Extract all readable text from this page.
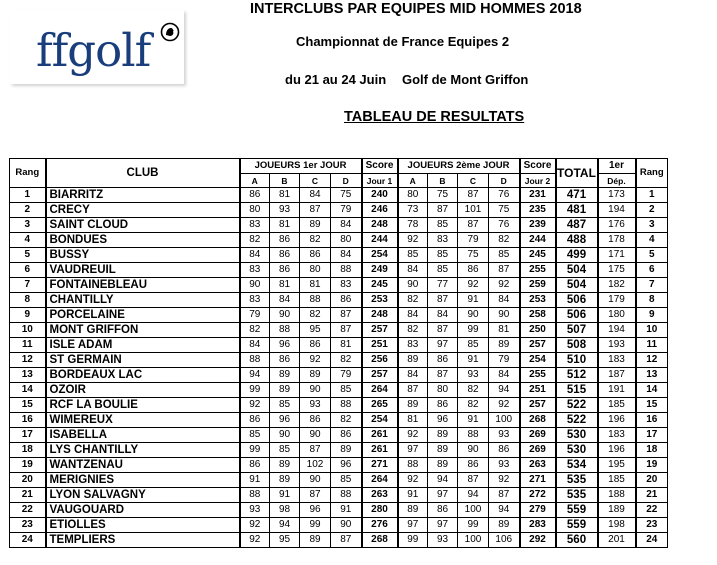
ffgolf
INTERCLUBS PAR EQUIPES MID HOMMES 2018
Championnat de France Equipes 2
du 21 au 24 Juin Golf de Mont Griffon
TABLEAU DE RESULTATS
Rang	CLUB	JOUEURS 1er JOUR				Score	JOUEURS 2ème JOUR				Score	TOTAL	1er	Rang
		A	B	C	D	Jour 1	A	B	C	D	Jour 2		Dép.	
1	BIARRITZ	86	81	84	75	240	80	75	87	76	231	471	173	1
2	CRECY	80	93	87	79	246	73	87	101	75	235	481	194	2
3	SAINT CLOUD	83	81	89	84	248	78	85	87	76	239	487	176	3
4	BONDUES	82	86	82	80	244	92	83	79	82	244	488	178	4
5	BUSSY	84	86	86	84	254	85	85	75	85	245	499	171	5
6	VAUDREUIL	83	86	80	88	249	84	85	86	87	255	504	175	6
7	FONTAINEBLEAU	90	81	81	83	245	90	77	92	92	259	504	182	7
8	CHANTILLY	83	84	88	86	253	82	87	91	84	253	506	179	8
9	PORCELAINE	79	90	82	87	248	84	84	90	90	258	506	180	9
10	MONT GRIFFON	82	88	95	87	257	82	87	99	81	250	507	194	10
11	ISLE ADAM	84	96	86	81	251	83	97	85	89	257	508	193	11
12	ST GERMAIN	88	86	92	82	256	89	86	91	79	254	510	183	12
13	BORDEAUX LAC	94	89	89	79	257	84	87	93	84	255	512	187	13
14	OZOIR	99	89	90	85	264	87	80	82	94	251	515	191	14
15	RCF LA BOULIE	92	85	93	88	265	89	86	82	92	257	522	185	15
16	WIMEREUX	86	96	86	82	254	81	96	91	100	268	522	196	16
17	ISABELLA	85	90	90	86	261	92	89	88	93	269	530	183	17
18	LYS CHANTILLY	99	85	87	89	261	97	89	90	86	269	530	196	18
19	WANTZENAU	86	89	102	96	271	88	89	86	93	263	534	195	19
20	MERIGNIES	91	89	90	85	264	92	94	87	92	271	535	185	20
21	LYON SALVAGNY	88	91	87	88	263	91	97	94	87	272	535	188	21
22	VAUGOUARD	93	98	96	91	280	89	86	100	94	279	559	189	22
23	ETIOLLES	92	94	99	90	276	97	97	99	89	283	559	198	23
24	TEMPLIERS	92	95	89	87	268	99	93	100	106	292	560	201	24
